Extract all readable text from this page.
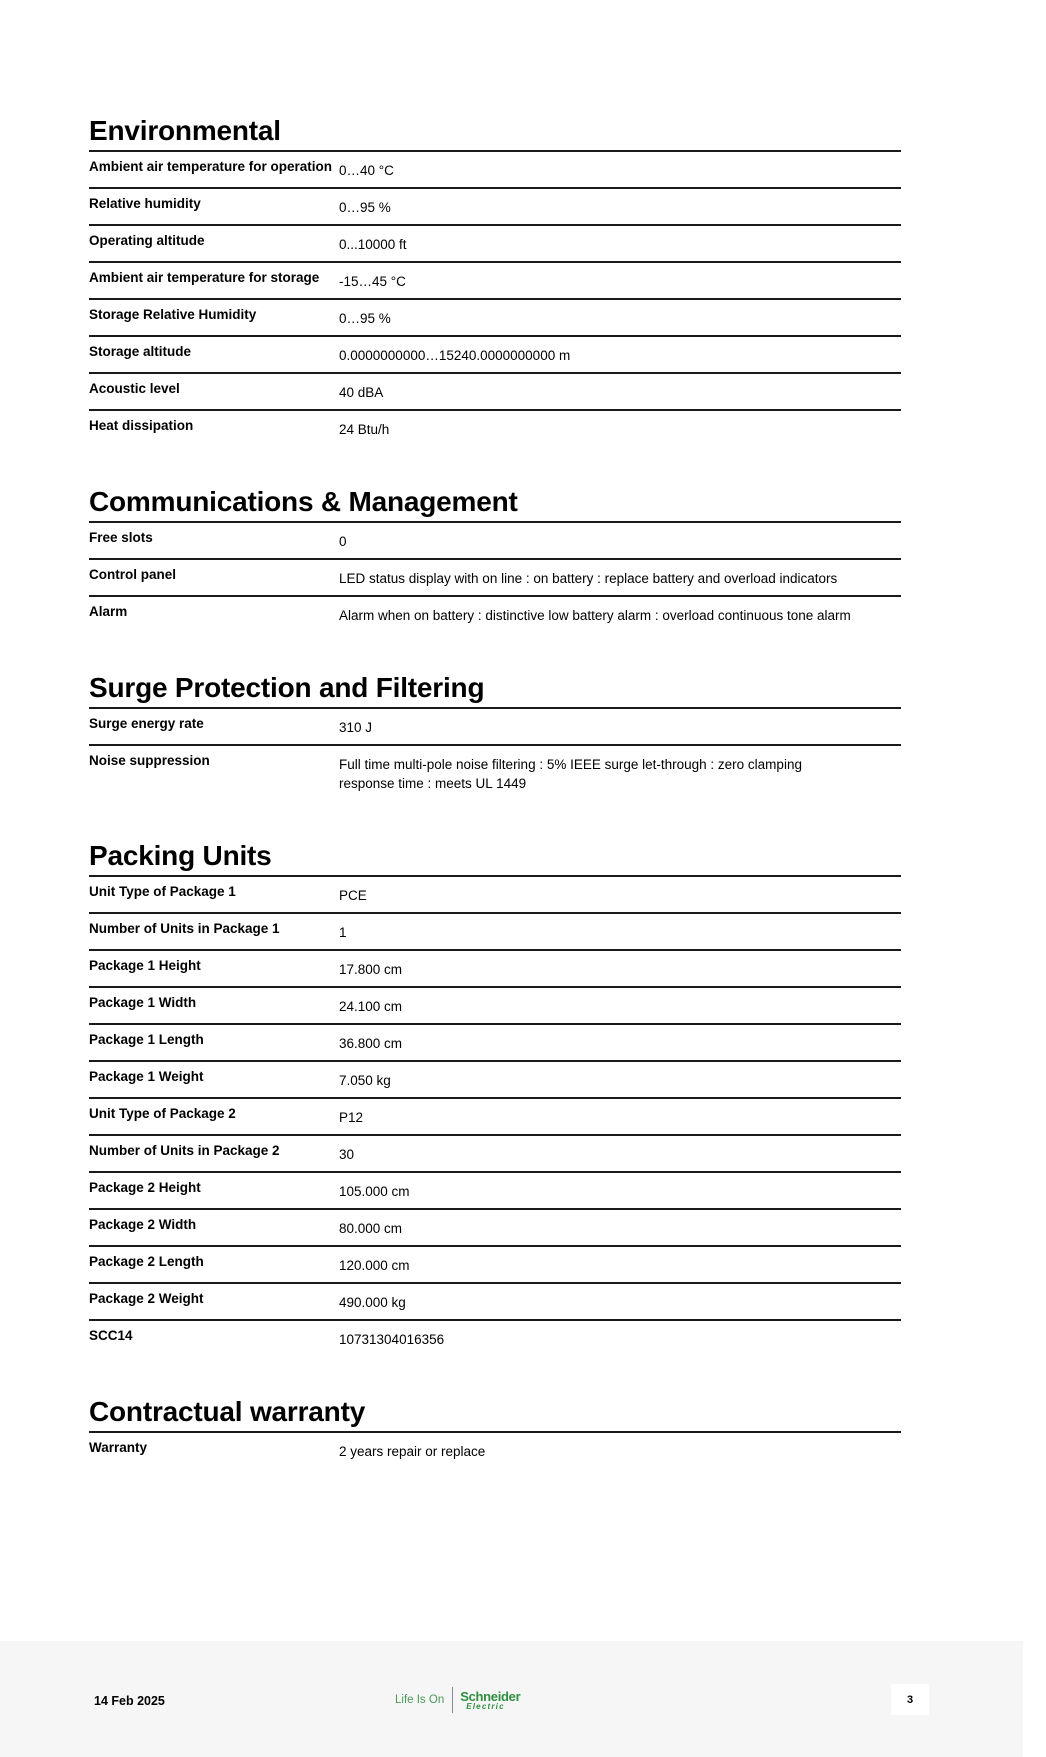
Environmental
Ambient air temperature for operation 0…40 °C
Relative humidity	0…95 %
Operating altitude	0...10000 ft
Ambient air temperature for storage	-15…45 °C
Storage Relative Humidity	0…95 %
Storage altitude	0.0000000000…15240.0000000000 m
Acoustic level	40 dBA
Heat dissipation	24 Btu/h
Communications & Management
Free slots	0
Control panel	LED status display with on line : on battery : replace battery and overload indicators
Alarm	Alarm when on battery : distinctive low battery alarm : overload continuous tone alarm
Surge Protection and Filtering
Surge energy rate	310 J
Noise suppression	Full time multi-pole noise filtering : 5% IEEE surge let-through : zero clamping response time : meets UL 1449
Packing Units
Unit Type of Package 1	PCE
Number of Units in Package 1	1
Package 1 Height	17.800 cm
Package 1 Width	24.100 cm
Package 1 Length	36.800 cm
Package 1 Weight	7.050 kg
Unit Type of Package 2	P12
Number of Units in Package 2	30
Package 2 Height	105.000 cm
Package 2 Width	80.000 cm
Package 2 Length	120.000 cm
Package 2 Weight	490.000 kg
SCC14	10731304016356
Contractual warranty
Warranty	2 years repair or replace
14 Feb 2025	Life Is On	Schneider
Electric
3
